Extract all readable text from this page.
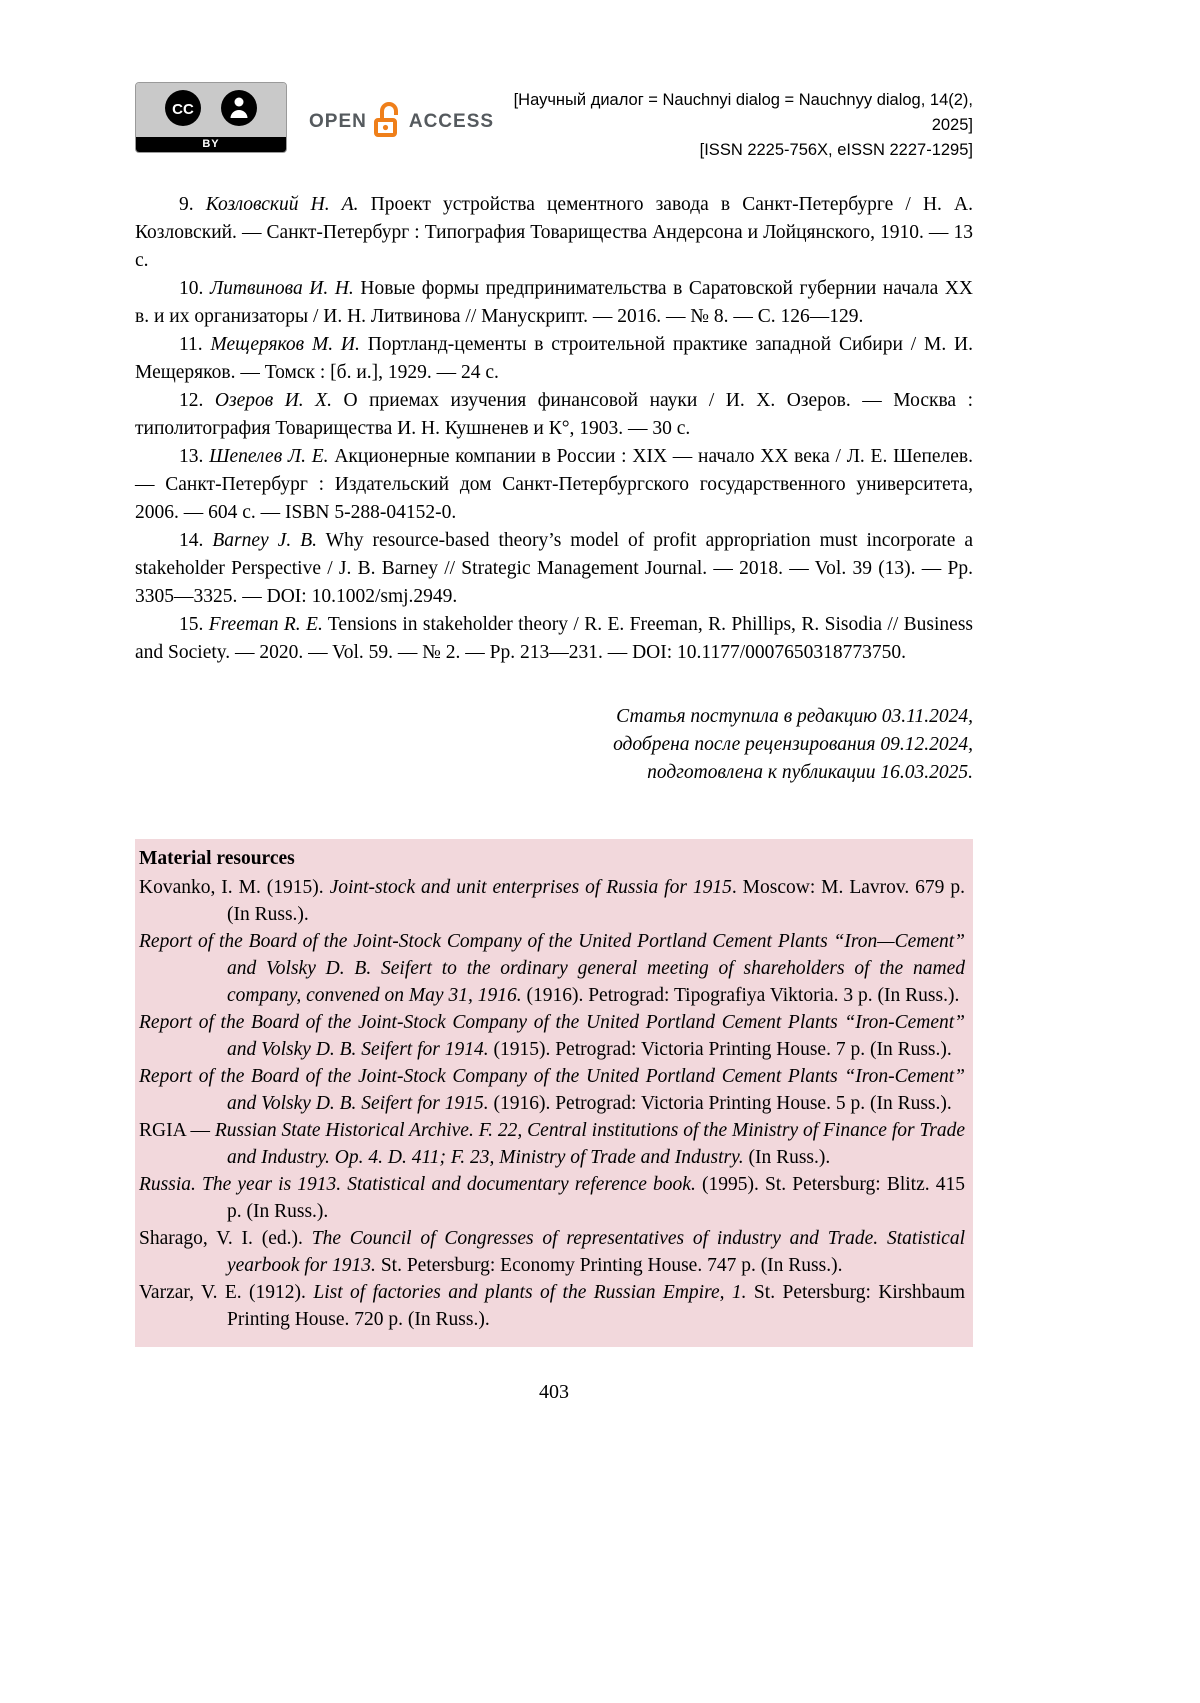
CC
BY
OPEN ACCESS
[Научный диалог = Nauchnyi dialog = Nauchnyy dialog, 14(2), 2025]
[ISSN 2225-756X, eISSN 2227-1295]

9. Козловский Н. А. Проект устройства цементного завода в Санкт-Петербурге / Н. А. Козловский. — Санкт-Петербург : Типография Товарищества Андерсона и Лойцянского, 1910. — 13 с.

10. Литвинова И. Н. Новые формы предпринимательства в Саратовской губернии начала XX в. и их организаторы / И. Н. Литвинова // Манускрипт. — 2016. — № 8. — С. 126—129.

11. Мещеряков М. И. Портланд-цементы в строительной практике западной Сибири / М. И. Мещеряков. — Томск : [б. и.], 1929. — 24 с.

12. Озеров И. Х. О приемах изучения финансовой науки / И. Х. Озеров. — Москва : типолитография Товарищества И. Н. Кушненев и К°, 1903. — 30 с.

13. Шепелев Л. Е. Акционерные компании в России : XIX — начало XX века / Л. Е. Шепелев. — Санкт-Петербург : Издательский дом Санкт-Петербургского государственного университета, 2006. — 604 с. — ISBN 5-288-04152-0.

14. Barney J. B. Why resource-based theory’s model of profit appropriation must incorporate a stakeholder Perspective / J. B. Barney // Strategic Management Journal. — 2018. — Vol. 39 (13). — Pp. 3305—3325. — DOI: 10.1002/smj.2949.

15. Freeman R. E. Tensions in stakeholder theory / R. E. Freeman, R. Phillips, R. Sisodia // Business and Society. — 2020. — Vol. 59. — № 2. — Pp. 213—231. — DOI: 10.1177/0007650318773750.

Статья поступила в редакцию 03.11.2024,
одобрена после рецензирования 09.12.2024,
подготовлена к публикации 16.03.2025.
Material resources

Kovanko, I. M. (1915). Joint-stock and unit enterprises of Russia for 1915. Moscow: M. Lavrov. 679 p. (In Russ.).

Report of the Board of the Joint-Stock Company of the United Portland Cement Plants “Iron—Cement” and Volsky D. B. Seifert to the ordinary general meeting of shareholders of the named company, convened on May 31, 1916. (1916). Petrograd: Tipografiya Viktoria. 3 p. (In Russ.).

Report of the Board of the Joint-Stock Company of the United Portland Cement Plants “Iron-Cement” and Volsky D. B. Seifert for 1914. (1915). Petrograd: Victoria Printing House. 7 p. (In Russ.).

Report of the Board of the Joint-Stock Company of the United Portland Cement Plants “Iron-Cement” and Volsky D. B. Seifert for 1915. (1916). Petrograd: Victoria Printing House. 5 p. (In Russ.).

RGIA — Russian State Historical Archive. F. 22, Central institutions of the Ministry of Finance for Trade and Industry. Op. 4. D. 411; F. 23, Ministry of Trade and Industry. (In Russ.).

Russia. The year is 1913. Statistical and documentary reference book. (1995). St. Petersburg: Blitz. 415 p. (In Russ.).

Sharago, V. I. (ed.). The Council of Congresses of representatives of industry and Trade. Statistical yearbook for 1913. St. Petersburg: Economy Printing House. 747 p. (In Russ.).

Varzar, V. E. (1912). List of factories and plants of the Russian Empire, 1. St. Petersburg: Kirshbaum Printing House. 720 p. (In Russ.).

403
